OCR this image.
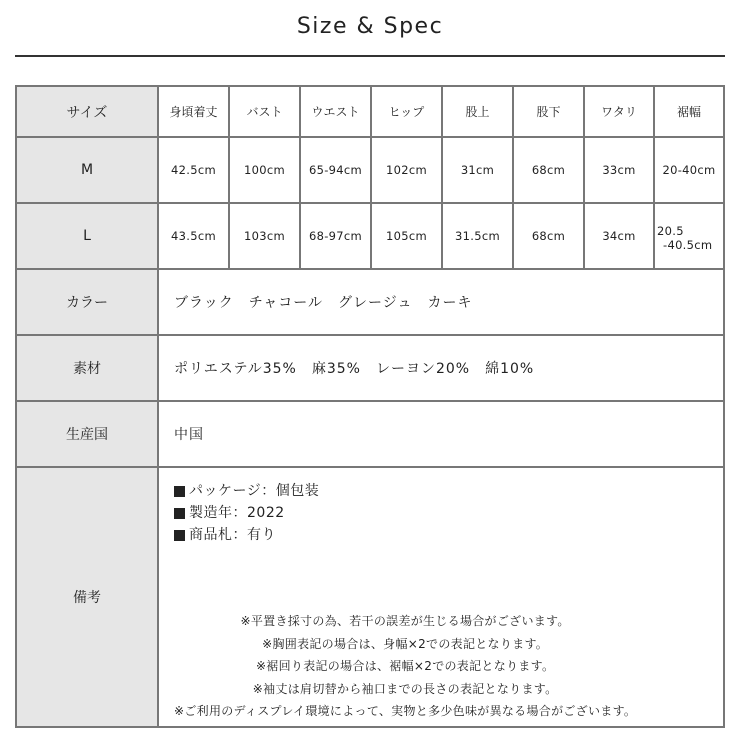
Size & Spec
サイズ	身頃着丈	バスト	ウエスト	ヒップ	股上	股下	ワタリ	裾幅
M	42.5cm	100cm	65-94cm	102cm	31cm	68cm	33cm	20-40cm
L	43.5cm	103cm	68-97cm	105cm	31.5cm	68cm	34cm	20.5
-40.5cm
カラー	ブラック　チャコール　グレージュ　カーキ
素材	ポリエステル35%　麻35%　レーヨン20%　綿10%
生産国	中国
備考
パッケージ：個包装
製造年：2022
商品札：有り
※平置き採寸の為、若干の誤差が生じる場合がございます。
※胸囲表記の場合は、身幅×2での表記となります。
※裾回り表記の場合は、裾幅×2での表記となります。
※袖丈は肩切替から袖口までの長さの表記となります。
※ご利用のディスプレイ環境によって、実物と多少色味が異なる場合がございます。
